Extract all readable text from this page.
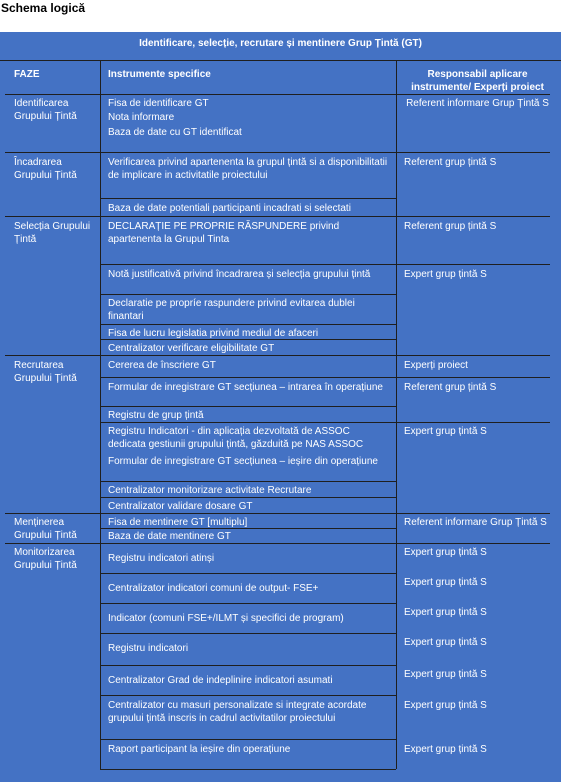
Schema logică
Identificare, selecție, recrutare și mentinere Grup Țintă (GT)
FAZE	Instrumente specifice	Responsabil aplicare instrumente/ Experți proiect
Identificarea Grupului Țintă
Încadrarea Grupului Țintă
Selecția Grupului Țintă
Recrutarea Grupului Țintă
Menținerea Grupului Țintă
Monitorizarea Grupului Țintă
Fisa de identificare GT
Nota informare
Baza de date cu GT identificat
Verificarea privind apartenenta la grupul țintă si a disponibilitatii de implicare in activitatile proiectului
Baza de date potentiali participanti incadrati si selectati
DECLARAȚIE PE PROPRIE RĂSPUNDERE privind apartenenta la Grupul Tinta
Notă justificativă privind încadrarea și selecția grupului țintă
Declaratie pe propríe raspundere privind evitarea dublei finantari
Fisa de lucru legislatia privind mediul de afaceri
Centralizator verificare eligibilitate GT
Cererea de înscriere GT
Formular de inregistrare GT secțiunea – intrarea în operațiune
Registru de grup țintă
Registru Indicatori - din aplicația dezvoltată de ASSOC dedicata gestiunii grupului țintă, găzduită pe NAS ASSOC
Formular de inregistrare GT secțiunea – ieșire din operațiune
Centralizator monitorizare activitate Recrutare
Centralizator validare dosare GT
Fisa de mentinere GT [multiplu]
Baza de date mentinere GT
Registru indicatori atinși
Centralizator indicatori comuni de output- FSE+
Indicator (comuni FSE+/ILMT și specifici de program)
Registru indicatori
Centralizator Grad de indeplinire indicatori asumati
Centralizator cu masuri personalizate si integrate acordate grupului țintă inscris in cadrul activitatilor proiectului
Raport participant la ieșire din operațiune
Referent informare Grup Țintă S
Referent grup țintă S
Referent grup țintă S
Expert grup țintă S
Experți proiect
Referent grup țintă S
Expert grup țintă S
Referent informare Grup Țintă S
Expert grup țintă S
Expert grup țintă S
Expert grup țintă S
Expert grup țintă S
Expert grup țintă S
Expert grup țintă S
Expert grup țintă S
